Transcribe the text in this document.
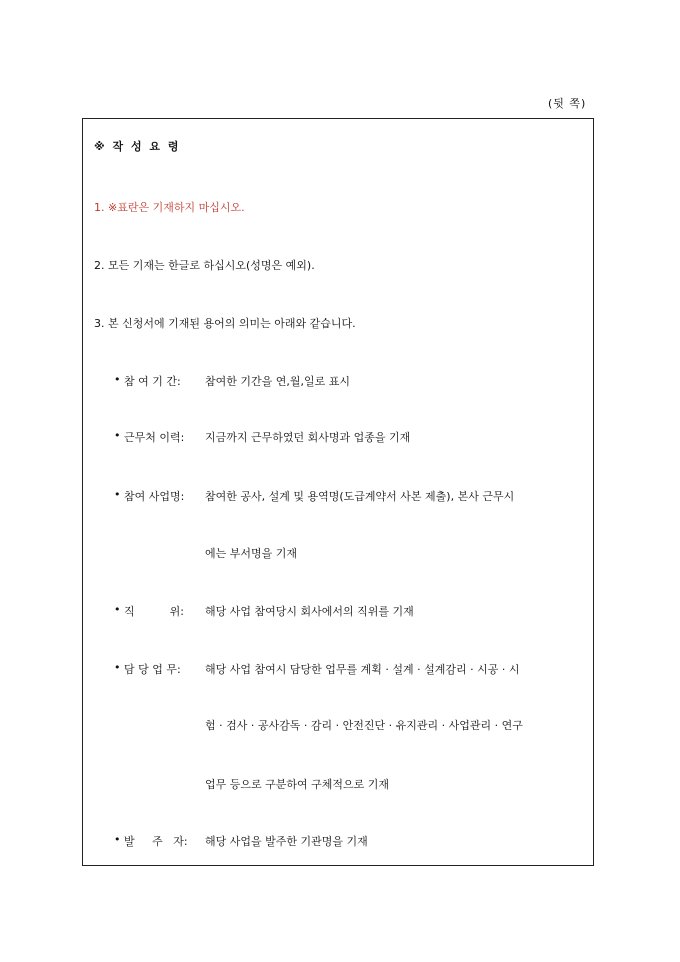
(뒷 쪽)
※ 작 성 요 령
1. ※표란은 기재하지 마십시오.
2. 모든 기재는 한글로 하십시오(성명은 예외).
3. 본 신청서에 기재된 용어의 의미는 아래와 같습니다.
• 참 여 기 간: 참여한 기간을 연,월,일로 표시
• 근무처 이력: 지금까지 근무하였던 회사명과 업종을 기재
• 참여 사업명: 참여한 공사, 설계 및 용역명(도급계약서 사본 제출), 본사 근무시
에는 부서명을 기재
• 직          위: 해당 사업 참여당시 회사에서의 직위를 기재
• 담 당 업 무: 해당 사업 참여시 담당한 업무를 계획 · 설계 · 설계감리 · 시공 · 시
험 · 검사 · 공사감독 · 감리 · 안전진단 · 유지관리 · 사업관리 · 연구
업무 등으로 구분하여 구체적으로 기재
• 발     주   자: 해당 사업을 발주한 기관명을 기재
